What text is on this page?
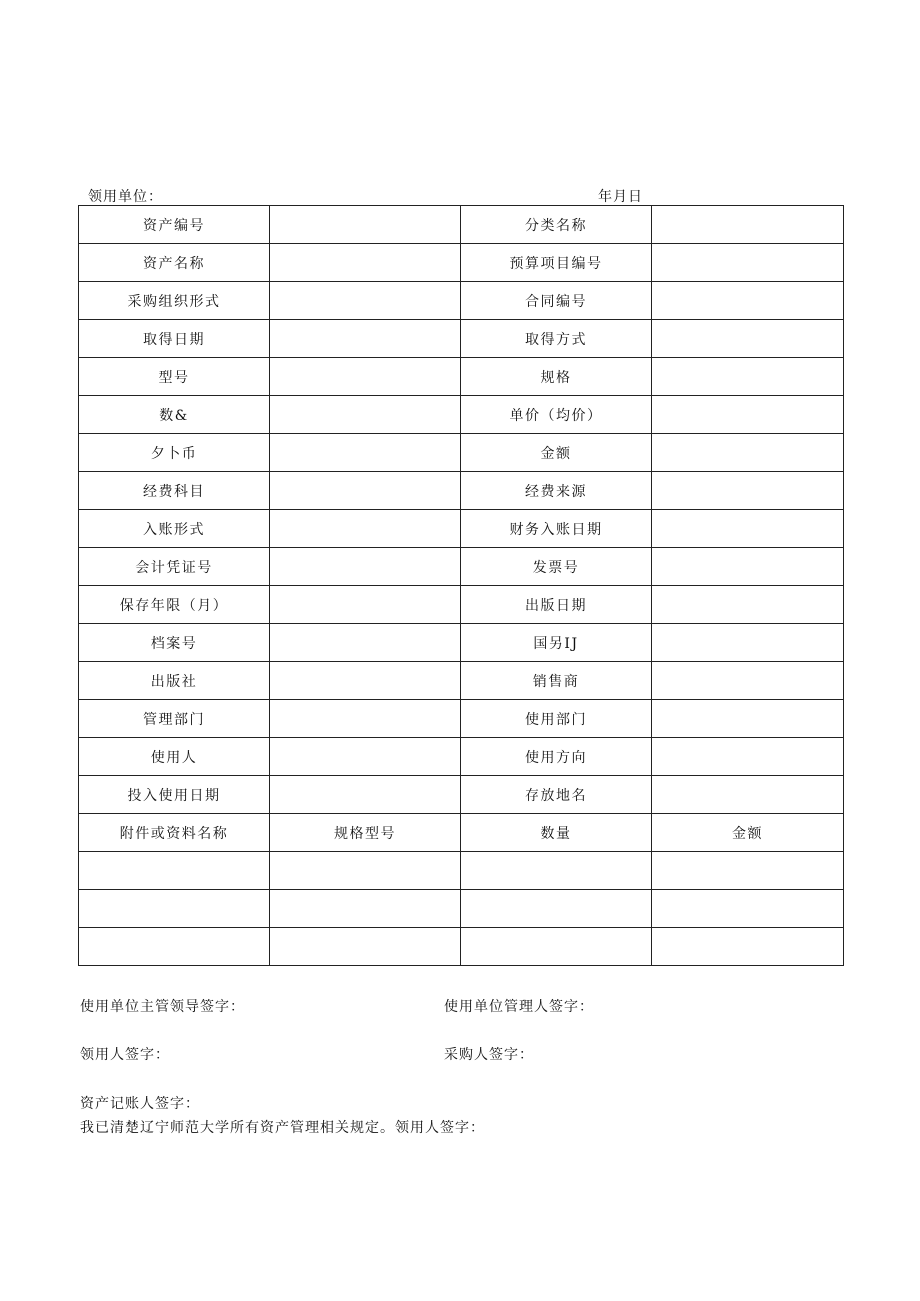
领用单位：	年月日
资产编号		分类名称	
资产名称		预算项目编号	
采购组织形式		合同编号	
取得日期		取得方式	
型号		规格	
数&		单价（均价）	
夕卜币		金额	
经费科目		经费来源	
入账形式		财务入账日期	
会计凭证号		发票号	
保存年限（月）		出版日期	
档案号		国另IJ	
出版社		销售商	
管理部门		使用部门	
使用人		使用方向	
投入使用日期		存放地名	
附件或资料名称	规格型号	数量	金额

使用单位主管领导签字：	使用单位管理人签字：
领用人签字：	采购人签字：
资产记账人签字：
我已清楚辽宁师范大学所有资产管理相关规定。领用人签字：
